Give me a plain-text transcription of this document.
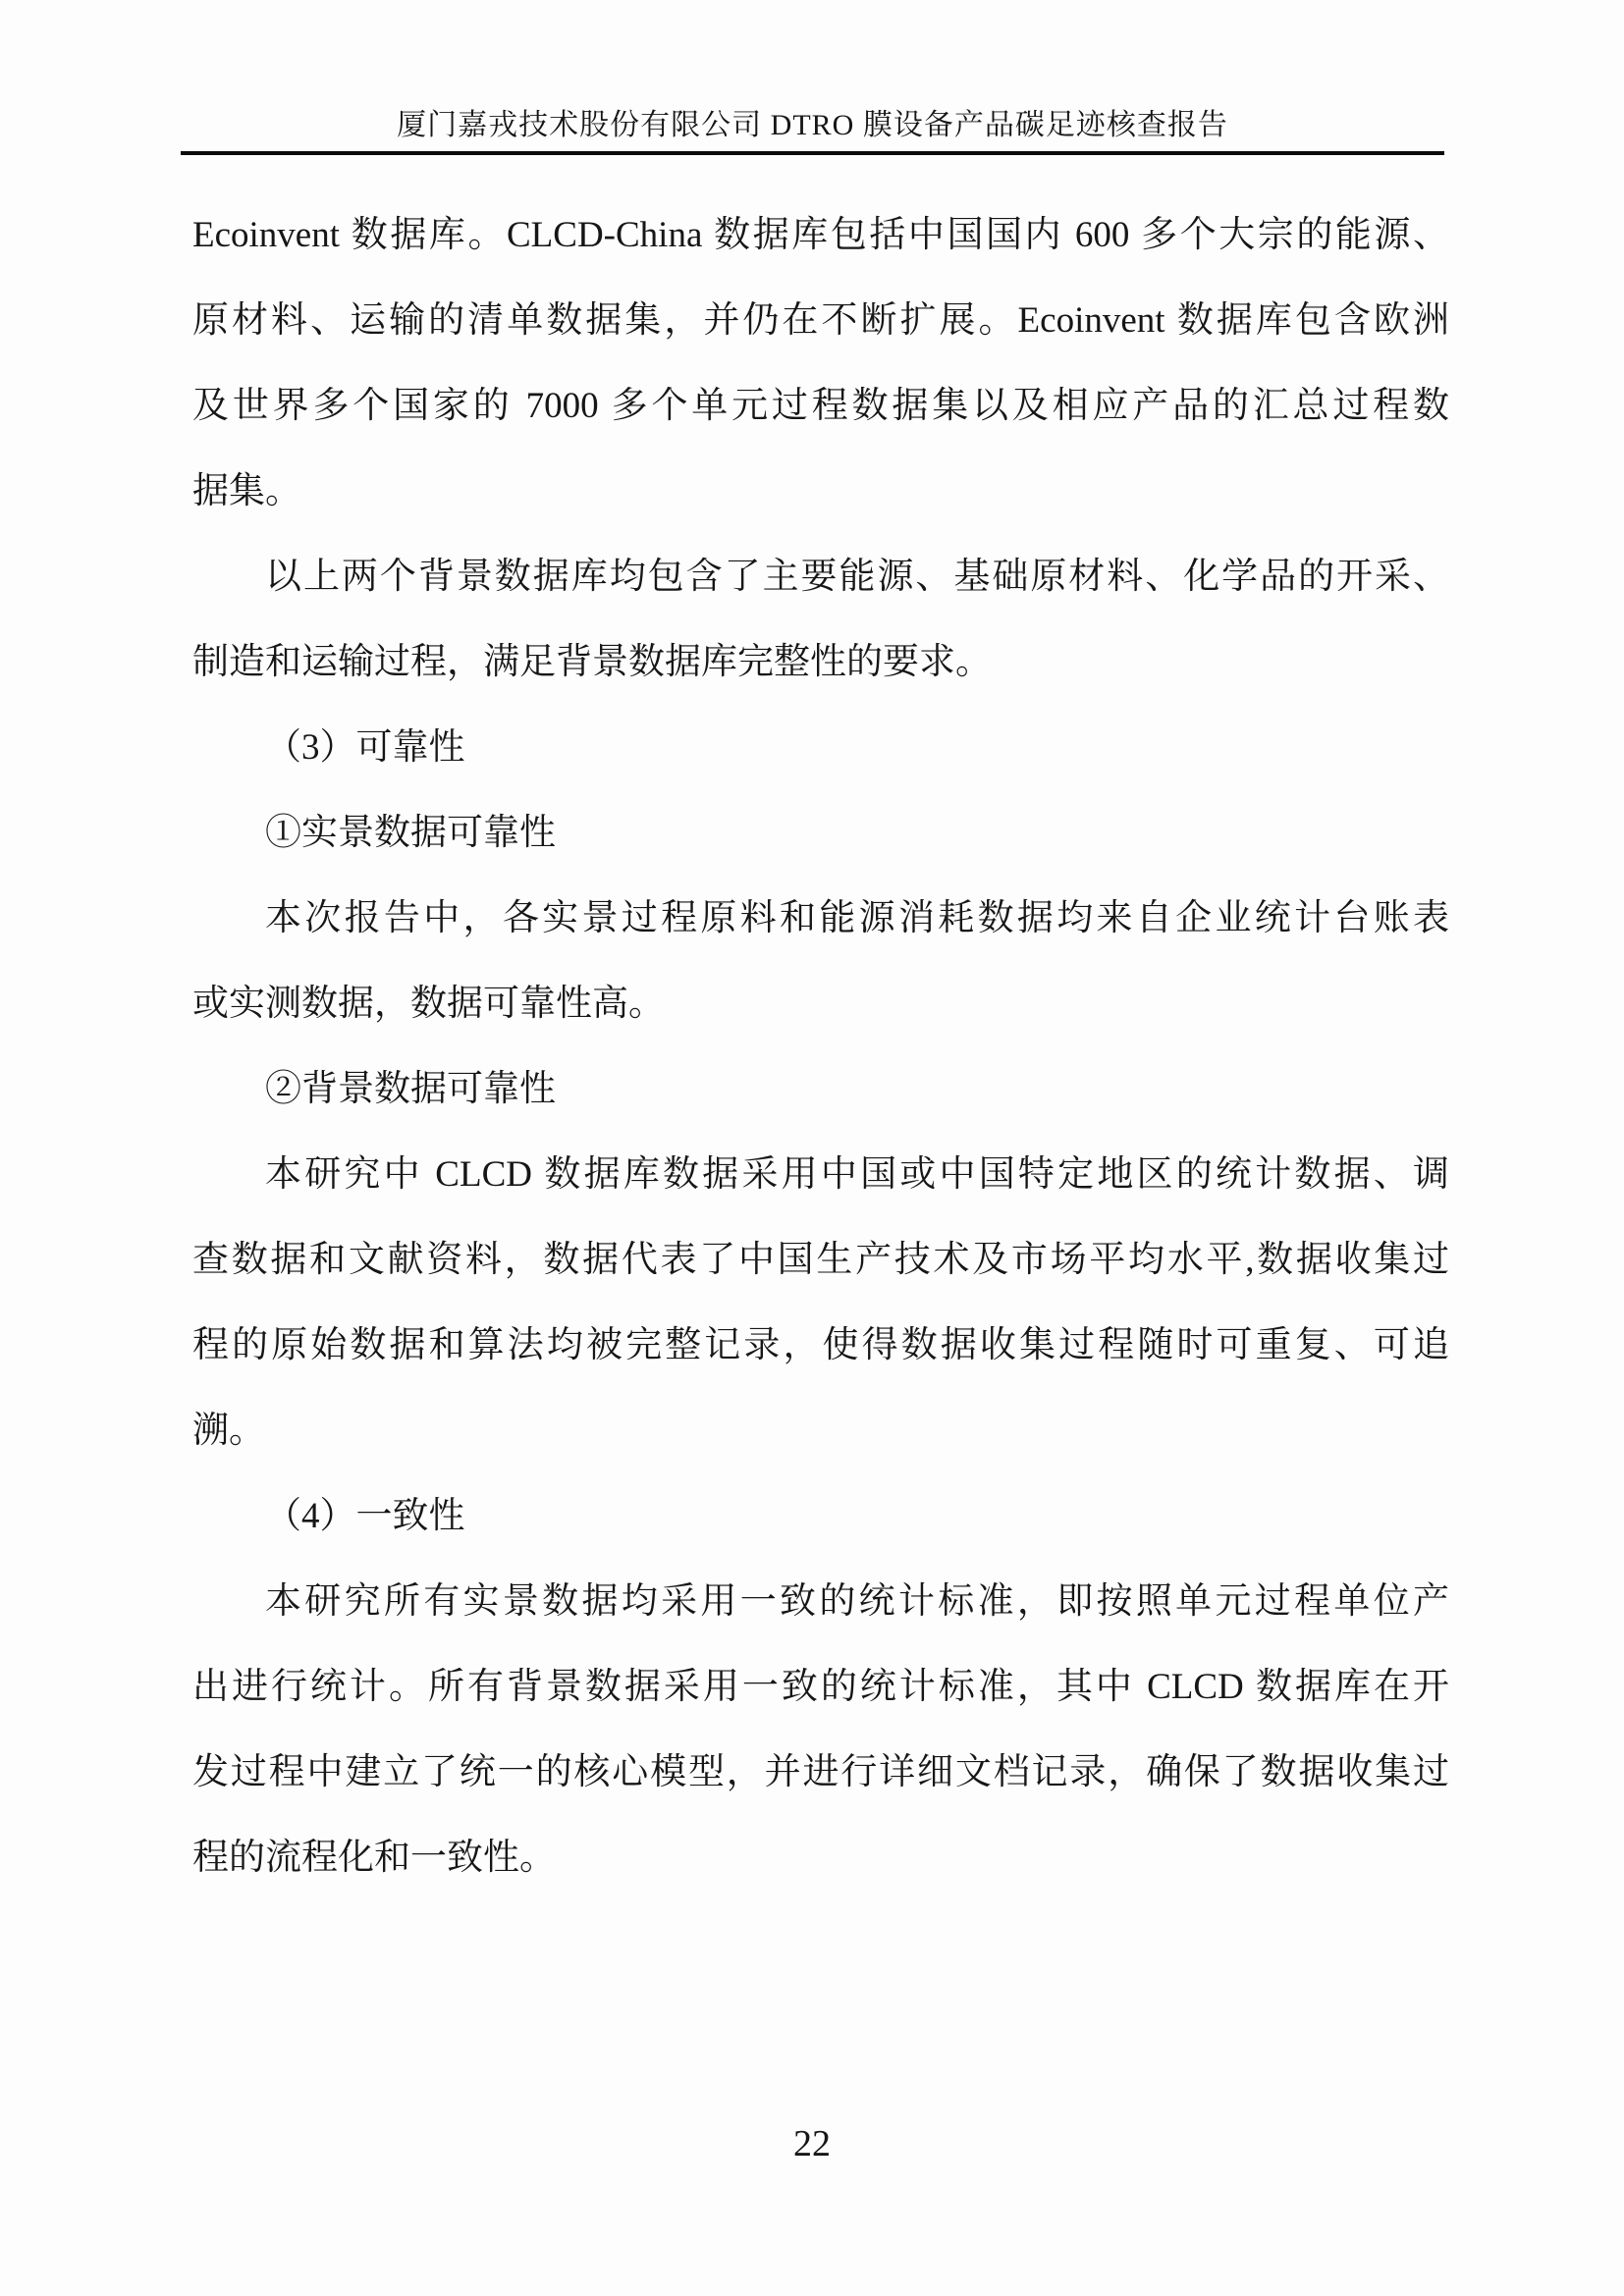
厦门嘉戎技术股份有限公司 DTRO 膜设备产品碳足迹核查报告
Ecoinvent 数据库。CLCD-China 数据库包括中国国内 600 多个大宗的能源、
原材料、运输的清单数据集，并仍在不断扩展。Ecoinvent 数据库包含欧洲
及世界多个国家的 7000 多个单元过程数据集以及相应产品的汇总过程数
据集。
以上两个背景数据库均包含了主要能源、基础原材料、化学品的开采、
制造和运输过程，满足背景数据库完整性的要求。
（3）可靠性
①实景数据可靠性
本次报告中，各实景过程原料和能源消耗数据均来自企业统计台账表
或实测数据，数据可靠性高。
②背景数据可靠性
本研究中 CLCD 数据库数据采用中国或中国特定地区的统计数据、调
查数据和文献资料，数据代表了中国生产技术及市场平均水平,数据收集过
程的原始数据和算法均被完整记录，使得数据收集过程随时可重复、可追
溯。
（4）一致性
本研究所有实景数据均采用一致的统计标准，即按照单元过程单位产
出进行统计。所有背景数据采用一致的统计标准，其中 CLCD 数据库在开
发过程中建立了统一的核心模型，并进行详细文档记录，确保了数据收集过
程的流程化和一致性。
22
